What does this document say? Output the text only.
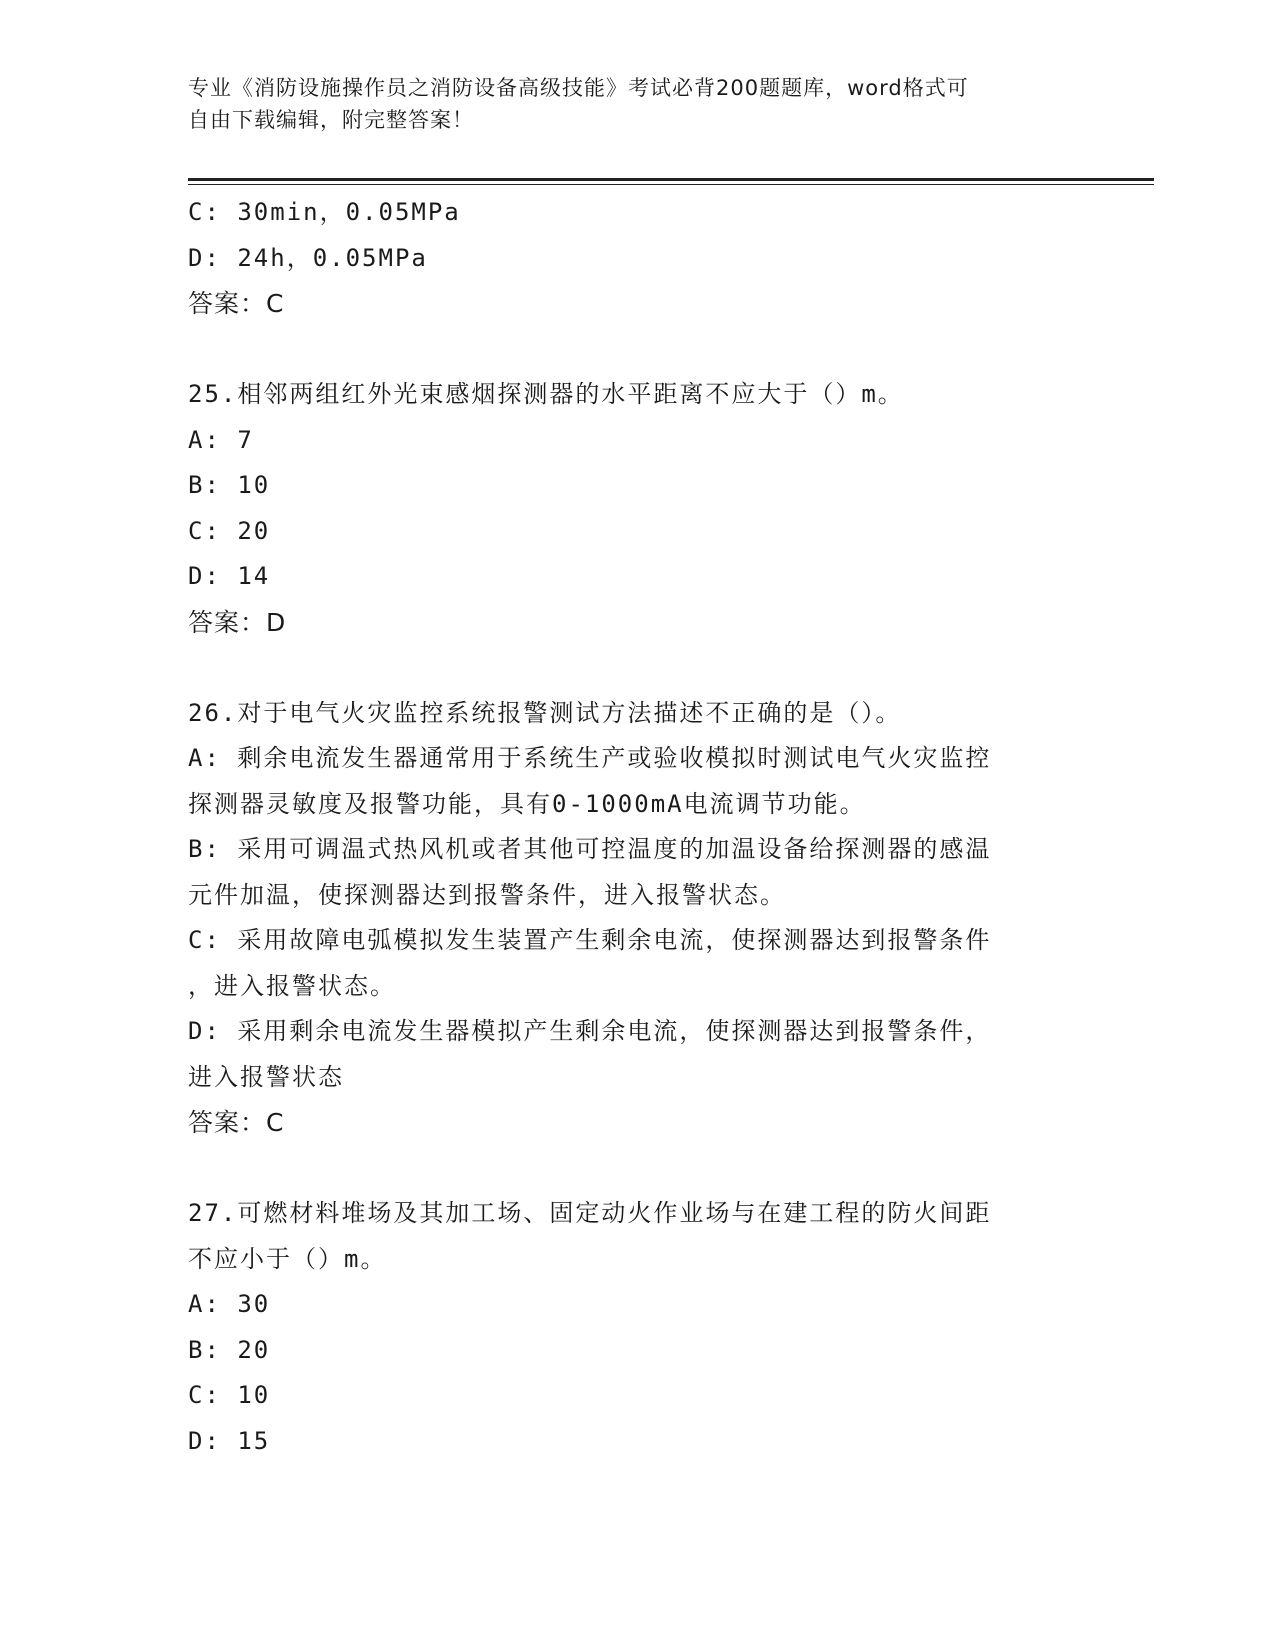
专业《消防设施操作员之消防设备高级技能》考试必背200题题库，word格式可
自由下载编辑，附完整答案！
C: 30min，0.05MPa
D: 24h，0.05MPa
答案：C
25.相邻两组红外光束感烟探测器的水平距离不应大于（）m。
A: 7
B: 10
C: 20
D: 14
答案：D
26.对于电气火灾监控系统报警测试方法描述不正确的是（）。
A: 剩余电流发生器通常用于系统生产或验收模拟时测试电气火灾监控
探测器灵敏度及报警功能，具有0-1000mA电流调节功能。
B: 采用可调温式热风机或者其他可控温度的加温设备给探测器的感温
元件加温，使探测器达到报警条件，进入报警状态。
C: 采用故障电弧模拟发生装置产生剩余电流，使探测器达到报警条件
，进入报警状态。
D: 采用剩余电流发生器模拟产生剩余电流，使探测器达到报警条件，
进入报警状态
答案：C
27.可燃材料堆场及其加工场、固定动火作业场与在建工程的防火间距
不应小于（）m。
A: 30
B: 20
C: 10
D: 15
